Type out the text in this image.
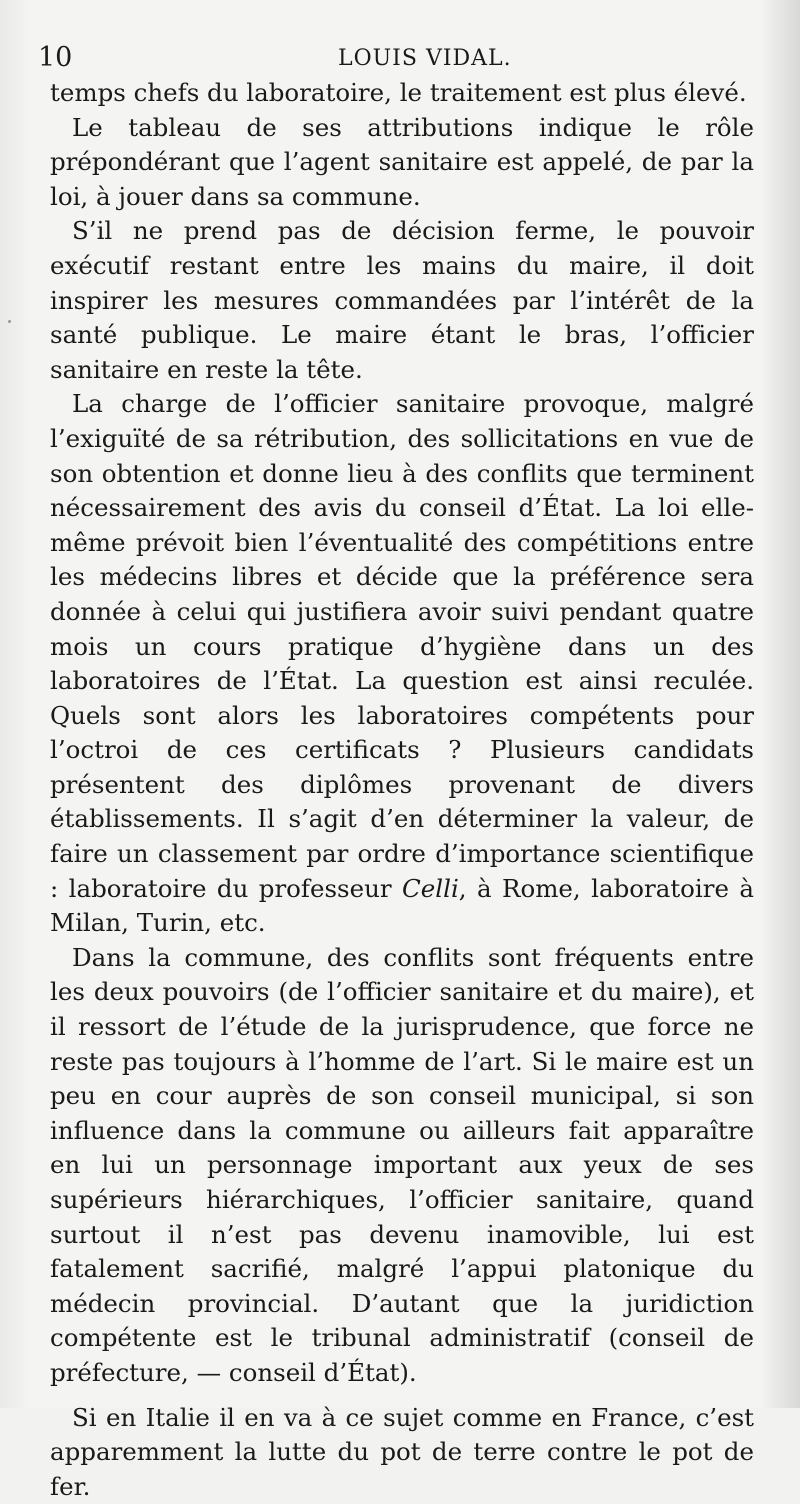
10	LOUIS VIDAL.

temps chefs du laboratoire, le traitement est plus élevé.

Le tableau de ses attributions indique le rôle prépondérant que l’agent sanitaire est appelé, de par la loi, à jouer dans sa commune.

S’il ne prend pas de décision ferme, le pouvoir exécutif restant entre les mains du maire, il doit inspirer les mesures commandées par l’intérêt de la santé publique. Le maire étant le bras, l’officier sanitaire en reste la tête.

La charge de l’officier sanitaire provoque, malgré l’exiguïté de sa rétribution, des sollicitations en vue de son obtention et donne lieu à des conflits que terminent nécessairement des avis du conseil d’État. La loi elle-même prévoit bien l’éventualité des compétitions entre les médecins libres et décide que la préférence sera donnée à celui qui justifiera avoir suivi pendant quatre mois un cours pratique d’hygiène dans un des laboratoires de l’État. La question est ainsi reculée. Quels sont alors les laboratoires compétents pour l’octroi de ces certificats ? Plusieurs candidats présentent des diplômes provenant de divers établissements. Il s’agit d’en déterminer la valeur, de faire un classement par ordre d’importance scientifique : laboratoire du professeur Celli, à Rome, laboratoire à Milan, Turin, etc.

Dans la commune, des conflits sont fréquents entre les deux pouvoirs (de l’officier sanitaire et du maire), et il ressort de l’étude de la jurisprudence, que force ne reste pas toujours à l’homme de l’art. Si le maire est un peu en cour auprès de son conseil municipal, si son influence dans la commune ou ailleurs fait apparaître en lui un personnage important aux yeux de ses supérieurs hiérarchiques, l’officier sanitaire, quand surtout il n’est pas devenu inamovible, lui est fatalement sacrifié, malgré l’appui platonique du médecin provincial. D’autant que la juridiction compétente est le tribunal administratif (conseil de préfecture, — conseil d’État).

Si en Italie il en va à ce sujet comme en France, c’est apparemment la lutte du pot de terre contre le pot de fer.
